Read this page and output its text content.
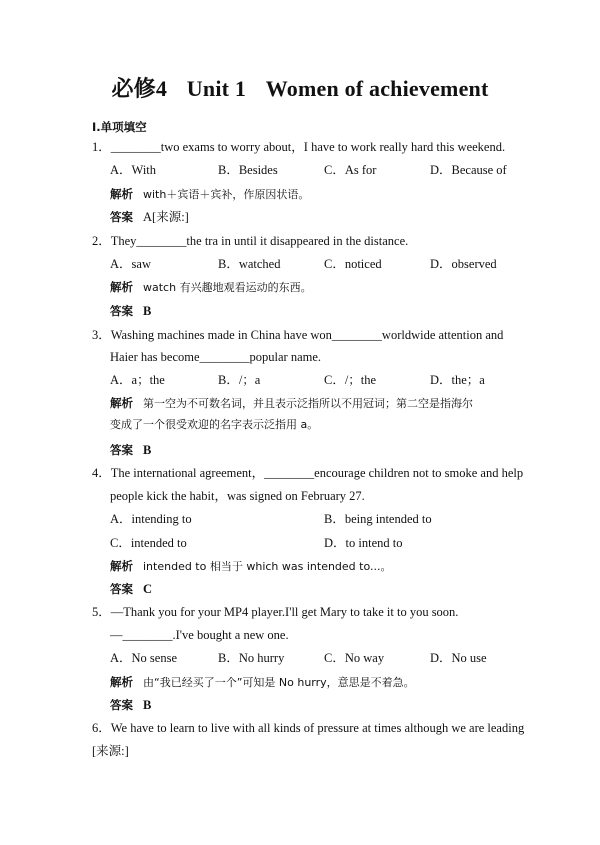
必修4 Unit 1 Women of achievement
Ⅰ.单项填空
1．________two exams to worry about，I have to work really hard this weekend.
A．With	B．Besides	C．As for	D．Because of
解析 with＋宾语＋宾补，作原因状语。
答案 A[来源:]
2．They________the tra in until it disappeared in the distance.
A．saw	B．watched	C．noticed	D．observed
解析 watch 有兴趣地观看运动的东西。
答案 B
3．Washing machines made in China have won________worldwide attention and
Haier has become________popular name.
A．a；the	B．/；a	C．/；the	D．the；a
解析 第一空为不可数名词，并且表示泛指所以不用冠词；第二空是指海尔
变成了一个很受欢迎的名字表示泛指用 a。
答案 B
4．The international agreement，________encourage children not to smoke and help
people kick the habit，was signed on February 27.
A．intending to	B．being intended to
C．intended to	D．to intend to
解析 intended to 相当于 which was intended to...。
答案 C
5．—Thank you for your MP4 player.I'll get Mary to take it to you soon.
—________.I've bought a new one.
A．No sense	B．No hurry	C．No way	D．No use
解析 由“我已经买了一个”可知是 No hurry，意思是不着急。
答案 B
6．We have to learn to live with all kinds of pressure at times although we are leading
[来源:]
